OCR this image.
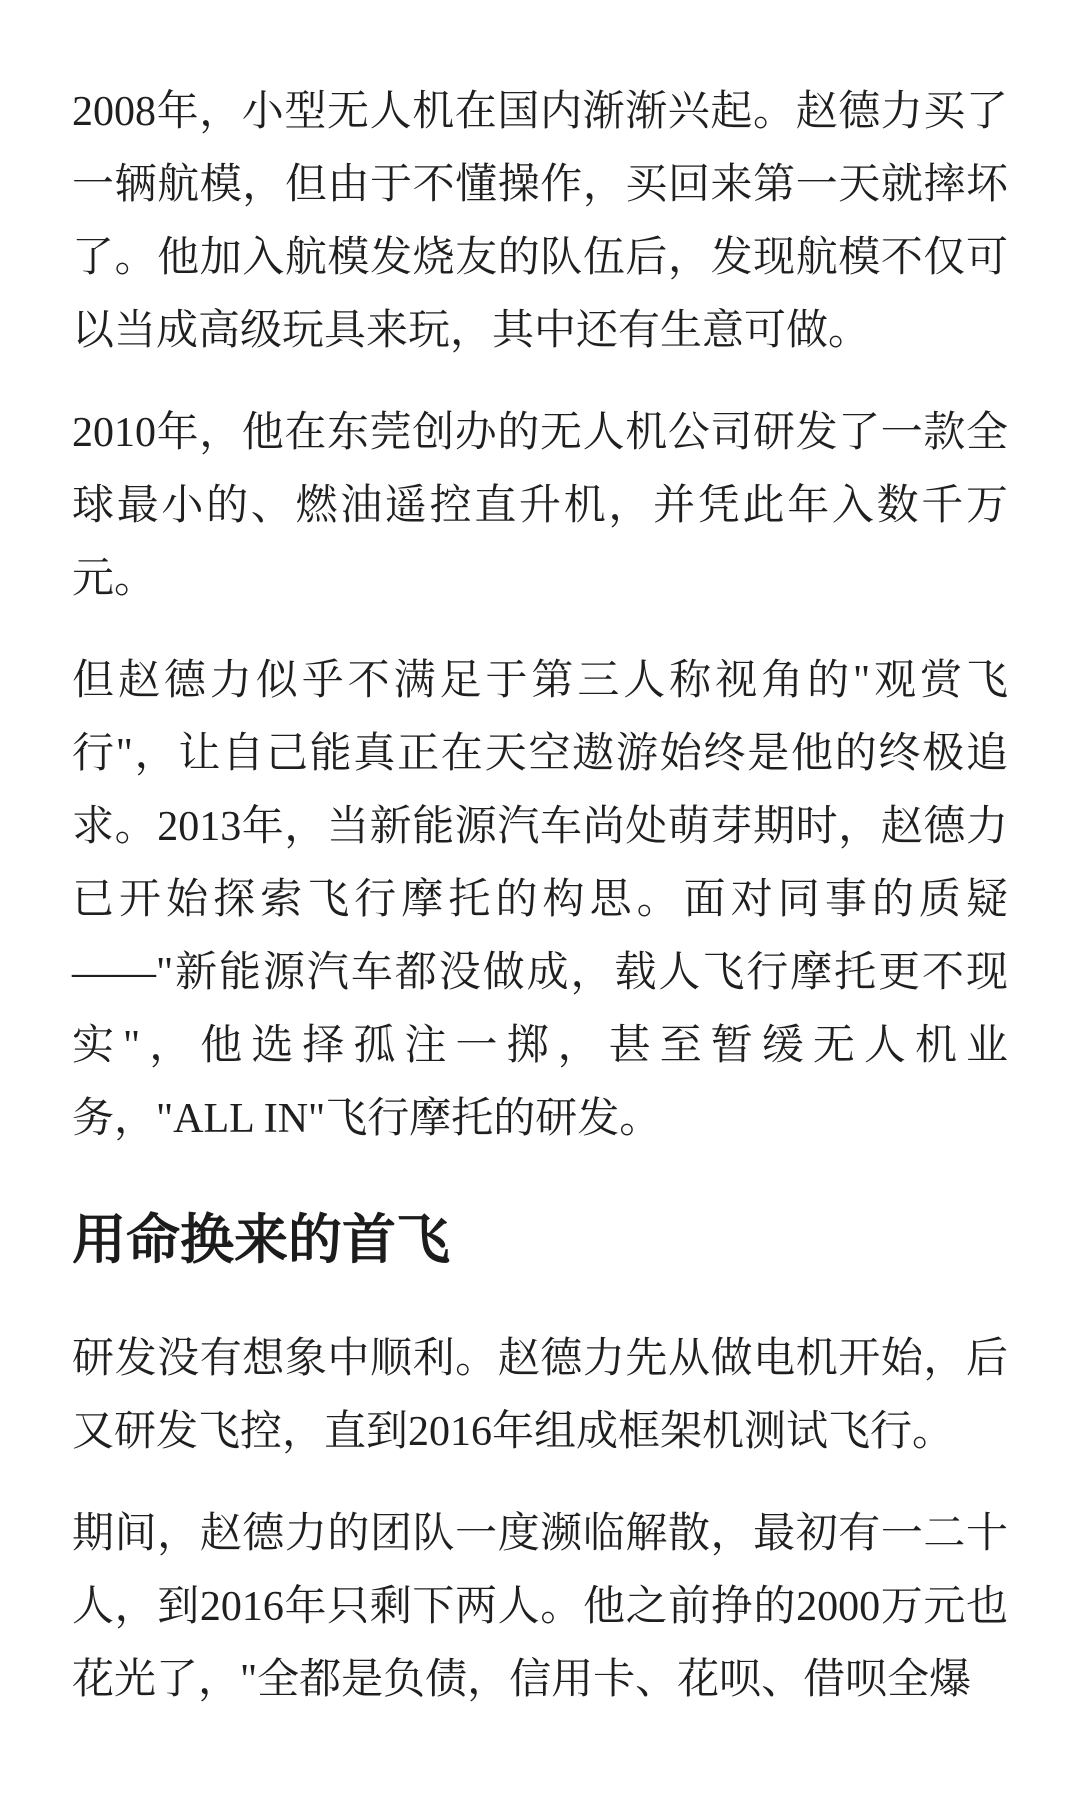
2008年，小型无人机在国内渐渐兴起。赵德力买了一辆航模，但由于不懂操作，买回来第一天就摔坏了。他加入航模发烧友的队伍后，发现航模不仅可以当成高级玩具来玩，其中还有生意可做。

2010年，他在东莞创办的无人机公司研发了一款全球最小的、燃油遥控直升机，并凭此年入数千万元。

但赵德力似乎不满足于第三人称视角的"观赏飞行"，让自己能真正在天空遨游始终是他的终极追求。2013年，当新能源汽车尚处萌芽期时，赵德力已开始探索飞行摩托的构思。面对同事的质疑——"新能源汽车都没做成，载人飞行摩托更不现实"，他选择孤注一掷，甚至暂缓无人机业务，"ALL IN"飞行摩托的研发。

用命换来的首飞

研发没有想象中顺利。赵德力先从做电机开始，后又研发飞控，直到2016年组成框架机测试飞行。

期间，赵德力的团队一度濒临解散，最初有一二十人，到2016年只剩下两人。他之前挣的2000万元也花光了，"全都是负债，信用卡、花呗、借呗全爆
